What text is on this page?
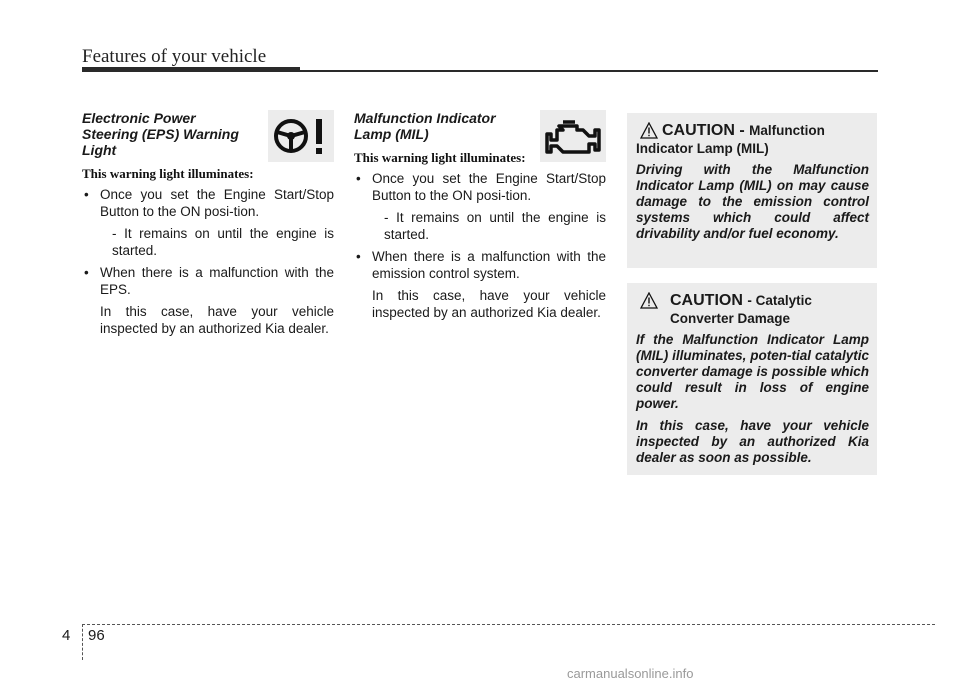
Features of your vehicle
Electronic Power Steering (EPS) Warning Light
This warning light illuminates:
• Once you set the Engine Start/Stop Button to the ON posi-tion.
- It remains on until the engine is started.
• When there is a malfunction with the EPS.

In this case, have your vehicle inspected by an authorized Kia dealer.

Malfunction Indicator Lamp (MIL)
This warning light illuminates:
• Once you set the Engine Start/Stop Button to the ON posi-tion.
- It remains on until the engine is started.
• When there is a malfunction with the emission control system.

In this case, have your vehicle inspected by an authorized Kia dealer.

CAUTION - Malfunction
Indicator Lamp (MIL)

Driving with the Malfunction Indicator Lamp (MIL) on may cause damage to the emission control systems which could affect drivability and/or fuel economy.

CAUTION - Catalytic
Converter Damage

If the Malfunction Indicator Lamp (MIL) illuminates, poten-tial catalytic converter damage is possible which could result in loss of engine power.

In this case, have your vehicle inspected by an authorized Kia dealer as soon as possible.

4 96
carmanualsonline.info
